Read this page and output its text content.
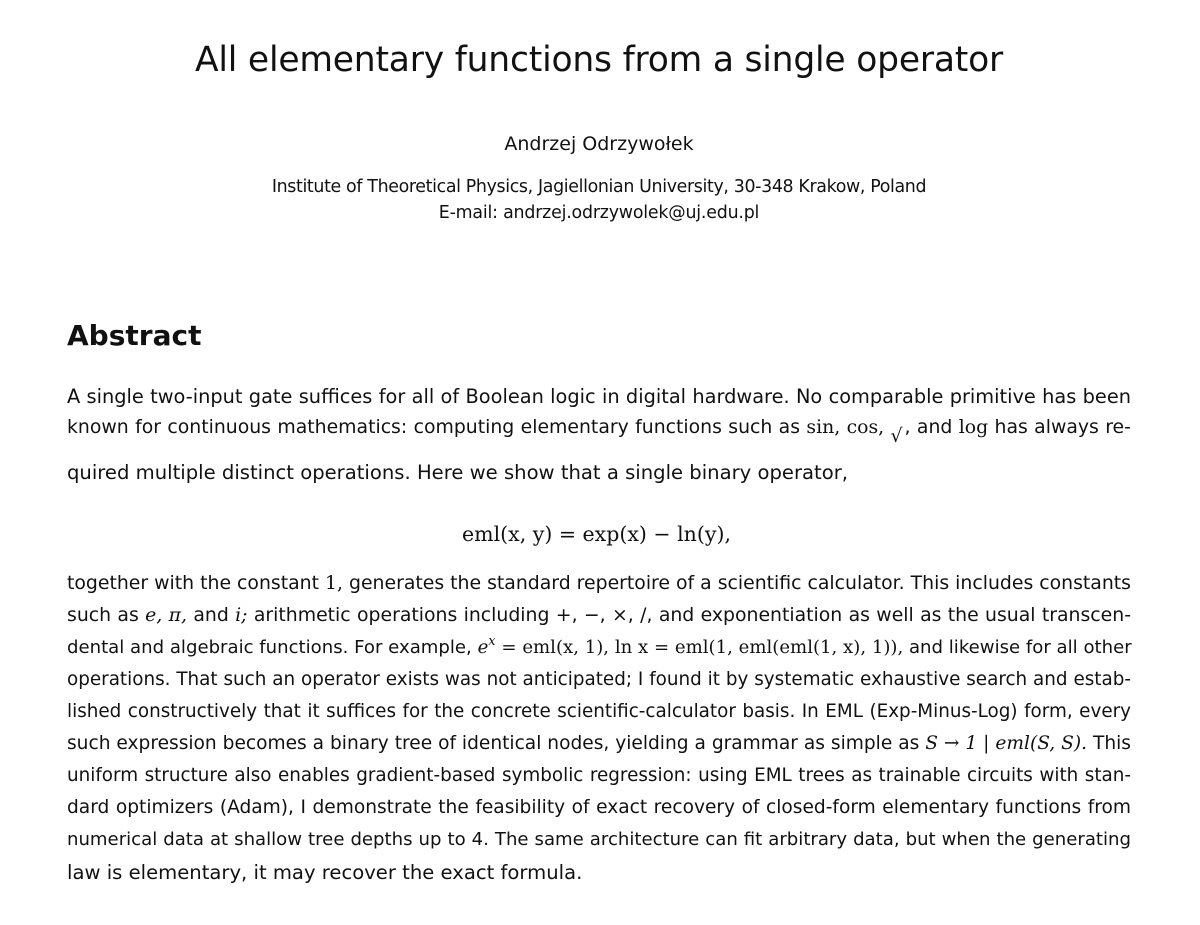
All elementary functions from a single operator
Andrzej Odrzywołek
Institute of Theoretical Physics, Jagiellonian University, 30-348 Krakow, Poland
E-mail: andrzej.odrzywolek@uj.edu.pl
Abstract
A single two-input gate suffices for all of Boolean logic in digital hardware. No comparable primitive has been
known for continuous mathematics: computing elementary functions such as sin, cos, √ , and log has always re-
quired multiple distinct operations. Here we show that a single binary operator,
eml(x, y) = exp(x) − ln(y),
together with the constant 1, generates the standard repertoire of a scientific calculator. This includes constants
such as e, π, and i; arithmetic operations including +, −, ×, /, and exponentiation as well as the usual transcen-
dental and algebraic functions. For example, $e^x = eml(x$, 1), ln x = eml(1, eml(eml(1, x), 1)), and likewise for all other
operations. That such an operator exists was not anticipated; I found it by systematic exhaustive search and estab-
lished constructively that it suffices for the concrete scientific-calculator basis. In EML (Exp-Minus-Log) form, every
such expression becomes a binary tree of identical nodes, yielding a grammar as simple as S → 1 | eml(S, S). This
uniform structure also enables gradient-based symbolic regression: using EML trees as trainable circuits with stan-
dard optimizers (Adam), I demonstrate the feasibility of exact recovery of closed-form elementary functions from
numerical data at shallow tree depths up to 4. The same architecture can fit arbitrary data, but when the generating
law is elementary, it may recover the exact formula.
